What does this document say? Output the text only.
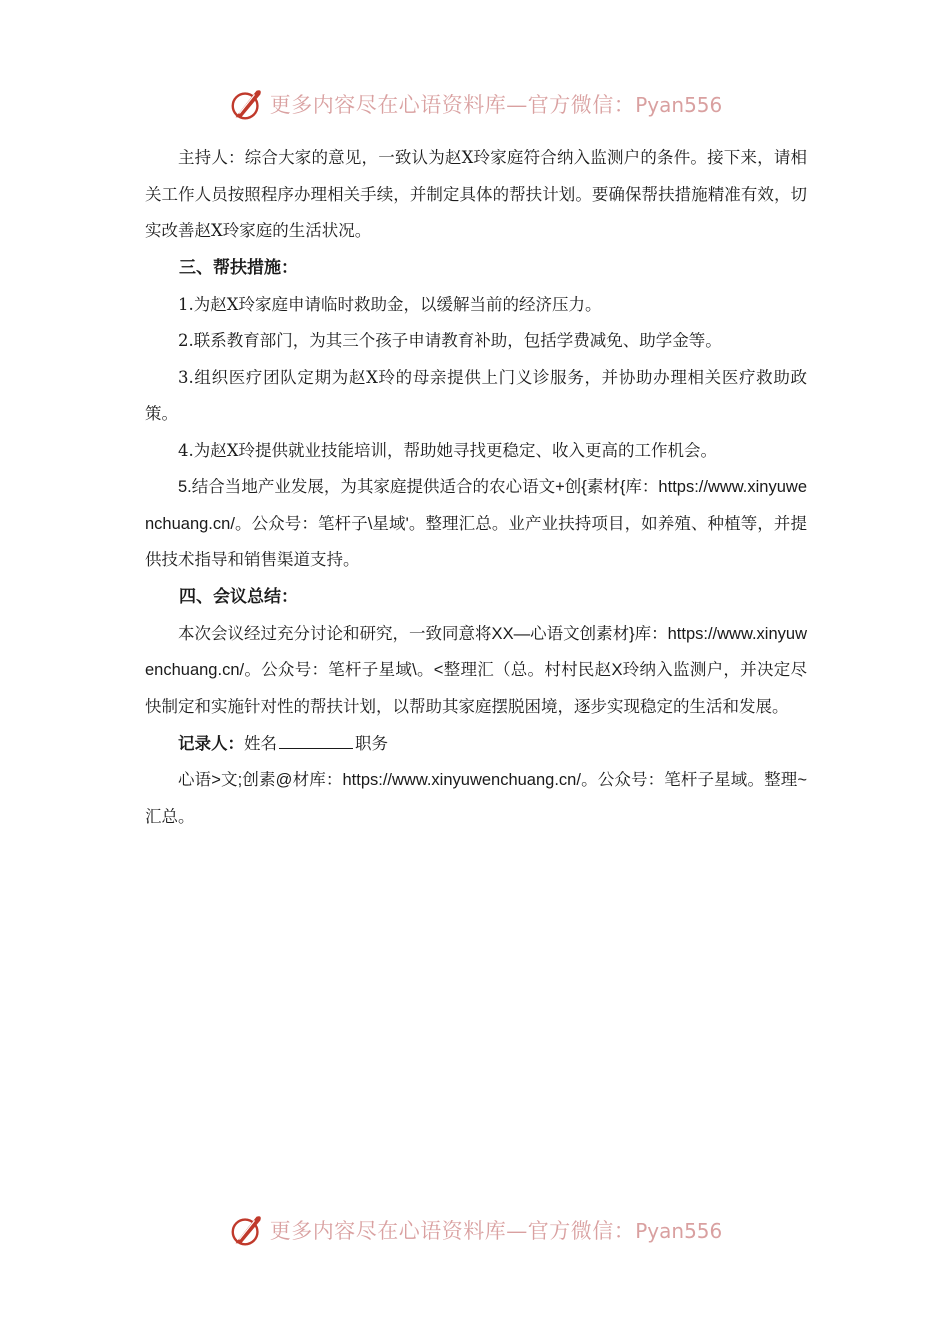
更多内容尽在心语资料库—官方微信：Pyan556

主持人：综合大家的意见，一致认为赵X玲家庭符合纳入监测户的条件。接下来，请相关工作人员按照程序办理相关手续，并制定具体的帮扶计划。要确保帮扶措施精准有效，切实改善赵X玲家庭的生活状况。

三、帮扶措施：

1.为赵X玲家庭申请临时救助金，以缓解当前的经济压力。

2.联系教育部门，为其三个孩子申请教育补助，包括学费减免、助学金等。

3.组织医疗团队定期为赵X玲的母亲提供上门义诊服务，并协助办理相关医疗救助政策。

4.为赵X玲提供就业技能培训，帮助她寻找更稳定、收入更高的工作机会。

5.结合当地产业发展，为其家庭提供适合的农心语文+创{素材{库：https://www.xinyuwenchuang.cn/。公众号：笔杆子\星域'。整理汇总。业产业扶持项目，如养殖、种植等，并提供技术指导和销售渠道支持。

四、会议总结：

本次会议经过充分讨论和研究，一致同意将XX—心语文创素材}库：https://www.xinyuwenchuang.cn/。公众号：笔杆子星域\。<整理汇（总。村村民赵X玲纳入监测户，并决定尽快制定和实施针对性的帮扶计划，以帮助其家庭摆脱困境，逐步实现稳定的生活和发展。

记录人：姓名	职务

心语>文;创素@材库：https://www.xinyuwenchuang.cn/。公众号：笔杆子星域。整理~汇总。

更多内容尽在心语资料库—官方微信：Pyan556
